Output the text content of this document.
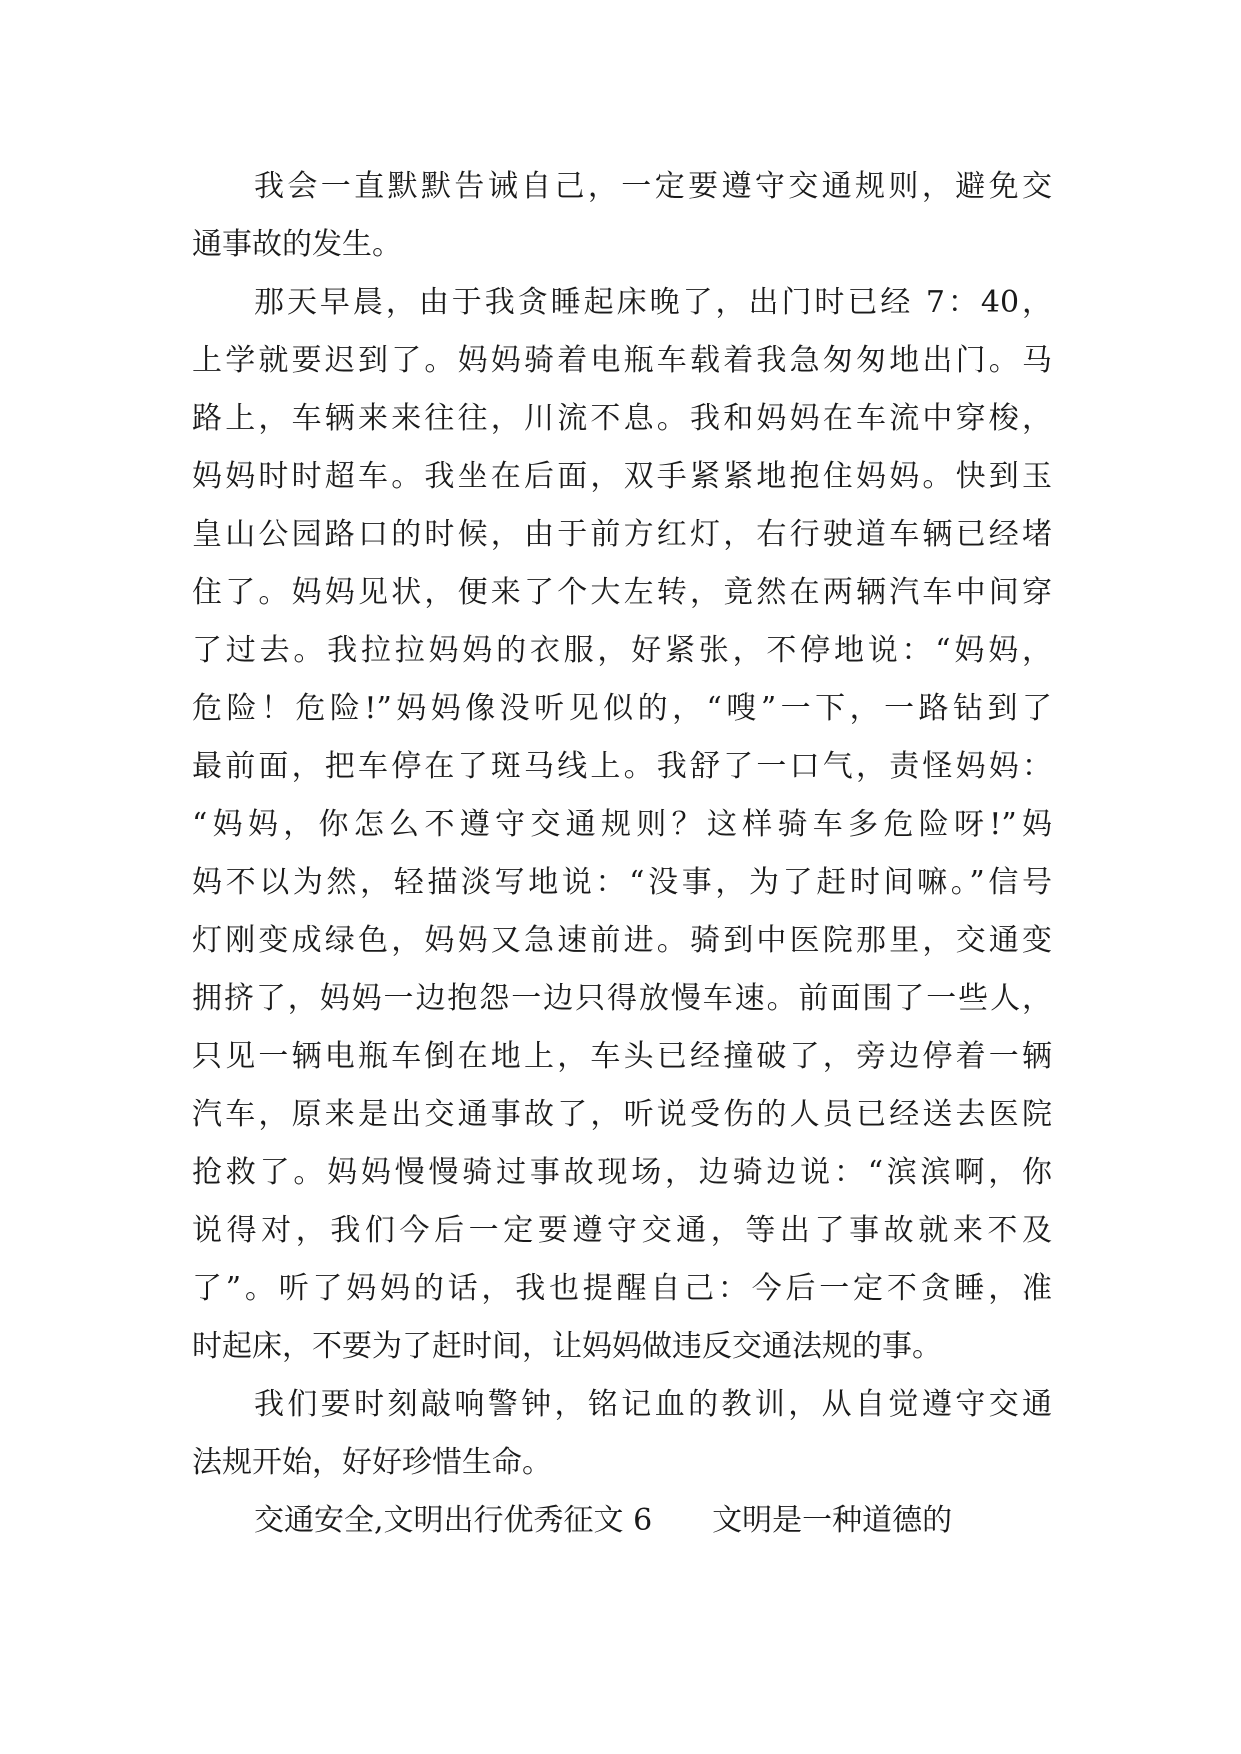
我会一直默默告诫自己，一定要遵守交通规则，避免交

通事故的发生。

那天早晨，由于我贪睡起床晚了，出门时已经 7：40，

上学就要迟到了。妈妈骑着电瓶车载着我急匆匆地出门。马

路上，车辆来来往往，川流不息。我和妈妈在车流中穿梭，

妈妈时时超车。我坐在后面，双手紧紧地抱住妈妈。快到玉

皇山公园路口的时候，由于前方红灯，右行驶道车辆已经堵

住了。妈妈见状，便来了个大左转，竟然在两辆汽车中间穿

了过去。我拉拉妈妈的衣服，好紧张，不停地说：“妈妈，

危险！危险!”妈妈像没听见似的，“嗖”一下，一路钻到了

最前面，把车停在了斑马线上。我舒了一口气，责怪妈妈：

“妈妈，你怎么不遵守交通规则？这样骑车多危险呀!”妈

妈不以为然，轻描淡写地说：“没事，为了赶时间嘛。”信号

灯刚变成绿色，妈妈又急速前进。骑到中医院那里，交通变

拥挤了，妈妈一边抱怨一边只得放慢车速。前面围了一些人，

只见一辆电瓶车倒在地上，车头已经撞破了，旁边停着一辆

汽车，原来是出交通事故了，听说受伤的人员已经送去医院

抢救了。妈妈慢慢骑过事故现场，边骑边说：“滨滨啊，你

说得对，我们今后一定要遵守交通，等出了事故就来不及

了”。听了妈妈的话，我也提醒自己：今后一定不贪睡，准

时起床，不要为了赶时间，让妈妈做违反交通法规的事。

我们要时刻敲响警钟，铭记血的教训，从自觉遵守交通

法规开始，好好珍惜生命。

交通安全,文明出行优秀征文 6　　文明是一种道德的
